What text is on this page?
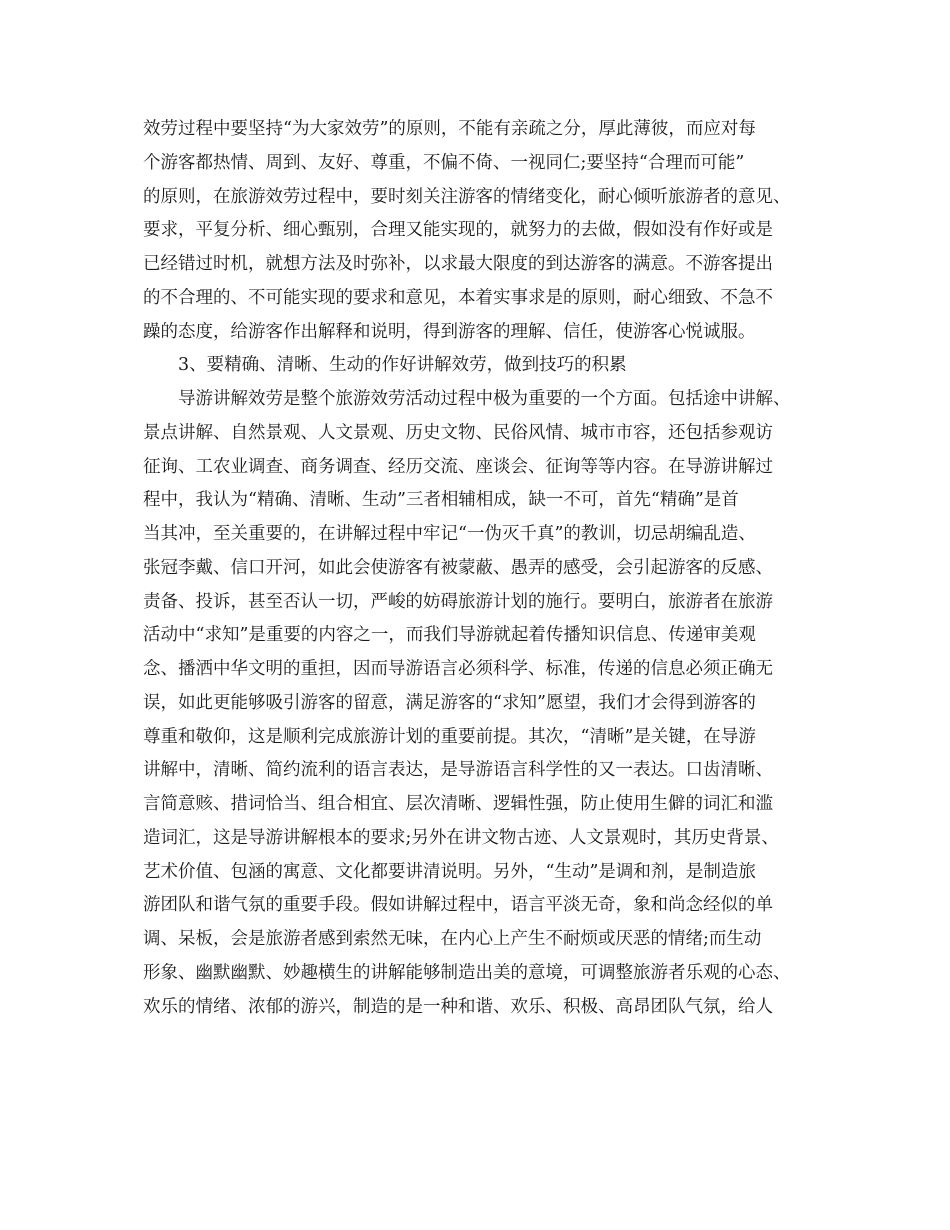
效劳过程中要坚持“为大家效劳”的原则，不能有亲疏之分，厚此薄彼，而应对每
个游客都热情、周到、友好、尊重，不偏不倚、一视同仁;要坚持“合理而可能”
的原则，在旅游效劳过程中，要时刻关注游客的情绪变化，耐心倾听旅游者的意见、
要求，平复分析、细心甄别，合理又能实现的，就努力的去做，假如没有作好或是
已经错过时机，就想方法及时弥补，以求最大限度的到达游客的满意。不游客提出
的不合理的、不可能实现的要求和意见，本着实事求是的原则，耐心细致、不急不
躁的态度，给游客作出解释和说明，得到游客的理解、信任，使游客心悦诚服。
3、要精确、清晰、生动的作好讲解效劳，做到技巧的积累
导游讲解效劳是整个旅游效劳活动过程中极为重要的一个方面。包括途中讲解、
景点讲解、自然景观、人文景观、历史文物、民俗风情、城市市容，还包括参观访
征询、工农业调查、商务调查、经历交流、座谈会、征询等等内容。在导游讲解过
程中，我认为“精确、清晰、生动”三者相辅相成，缺一不可，首先“精确”是首
当其冲，至关重要的，在讲解过程中牢记“一伪灭千真”的教训，切忌胡编乱造、
张冠李戴、信口开河，如此会使游客有被蒙蔽、愚弄的感受，会引起游客的反感、
责备、投诉，甚至否认一切，严峻的妨碍旅游计划的施行。要明白，旅游者在旅游
活动中“求知”是重要的内容之一，而我们导游就起着传播知识信息、传递审美观
念、播洒中华文明的重担，因而导游语言必须科学、标准，传递的信息必须正确无
误，如此更能够吸引游客的留意，满足游客的“求知”愿望，我们才会得到游客的
尊重和敬仰，这是顺利完成旅游计划的重要前提。其次，“清晰”是关键，在导游
讲解中，清晰、简约流利的语言表达，是导游语言科学性的又一表达。口齿清晰、
言简意赅、措词恰当、组合相宜、层次清晰、逻辑性强，防止使用生僻的词汇和滥
造词汇，这是导游讲解根本的要求;另外在讲文物古迹、人文景观时，其历史背景、
艺术价值、包涵的寓意、文化都要讲清说明。另外，“生动”是调和剂，是制造旅
游团队和谐气氛的重要手段。假如讲解过程中，语言平淡无奇，象和尚念经似的单
调、呆板，会是旅游者感到索然无味，在内心上产生不耐烦或厌恶的情绪;而生动
形象、幽默幽默、妙趣横生的讲解能够制造出美的意境，可调整旅游者乐观的心态、
欢乐的情绪、浓郁的游兴，制造的是一种和谐、欢乐、积极、高昂团队气氛，给人
